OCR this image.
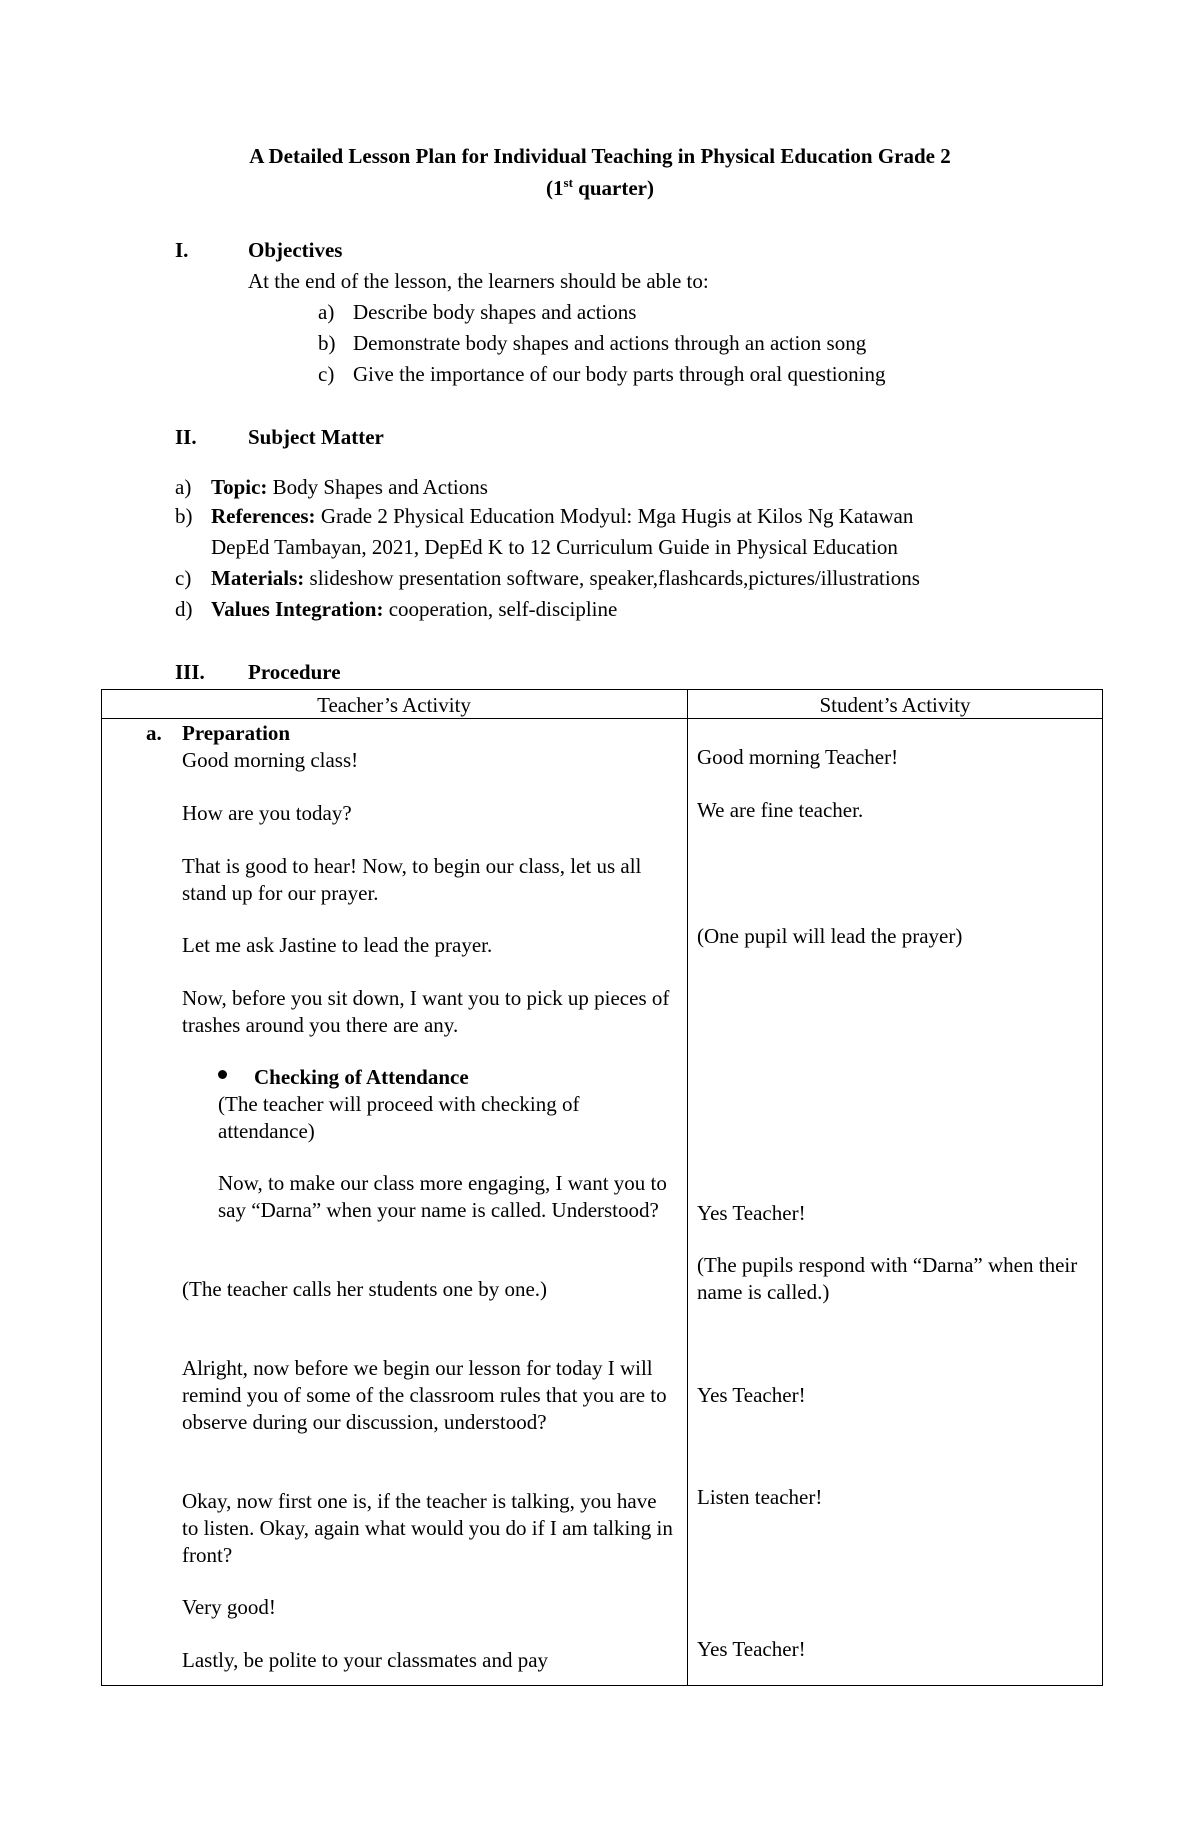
A Detailed Lesson Plan for Individual Teaching in Physical Education Grade 2
(1st quarter)
I.	Objectives
At the end of the lesson, the learners should be able to:
a) Describe body shapes and actions
b) Demonstrate body shapes and actions through an action song
c) Give the importance of our body parts through oral questioning
II. Subject Matter
a) Topic: Body Shapes and Actions
b) References: Grade 2 Physical Education Modyul: Mga Hugis at Kilos Ng Katawan
DepEd Tambayan, 2021, DepEd K to 12 Curriculum Guide in Physical Education
c) Materials: slideshow presentation software, speaker,flashcards,pictures/illustrations
d) Values Integration: cooperation, self-discipline
III. Procedure
Teacher’s Activity	Student’s Activity
a. Preparation
Good morning class!
How are you today?
That is good to hear! Now, to begin our class, let us all stand up for our prayer.
Let me ask Jastine to lead the prayer.
Now, before you sit down, I want you to pick up pieces of trashes around you there are any.
Checking of Attendance
(The teacher will proceed with checking of attendance)
Now, to make our class more engaging, I want you to say “Darna” when your name is called. Understood?
(The teacher calls her students one by one.)
Alright, now before we begin our lesson for today I will remind you of some of the classroom rules that you are to observe during our discussion, understood?
Okay, now first one is, if the teacher is talking, you have to listen. Okay, again what would you do if I am talking in front?
Very good!
Lastly, be polite to your classmates and pay
Good morning Teacher!
We are fine teacher.
(One pupil will lead the prayer)
Yes Teacher!
(The pupils respond with “Darna” when their name is called.)
Yes Teacher!
Listen teacher!
Yes Teacher!
